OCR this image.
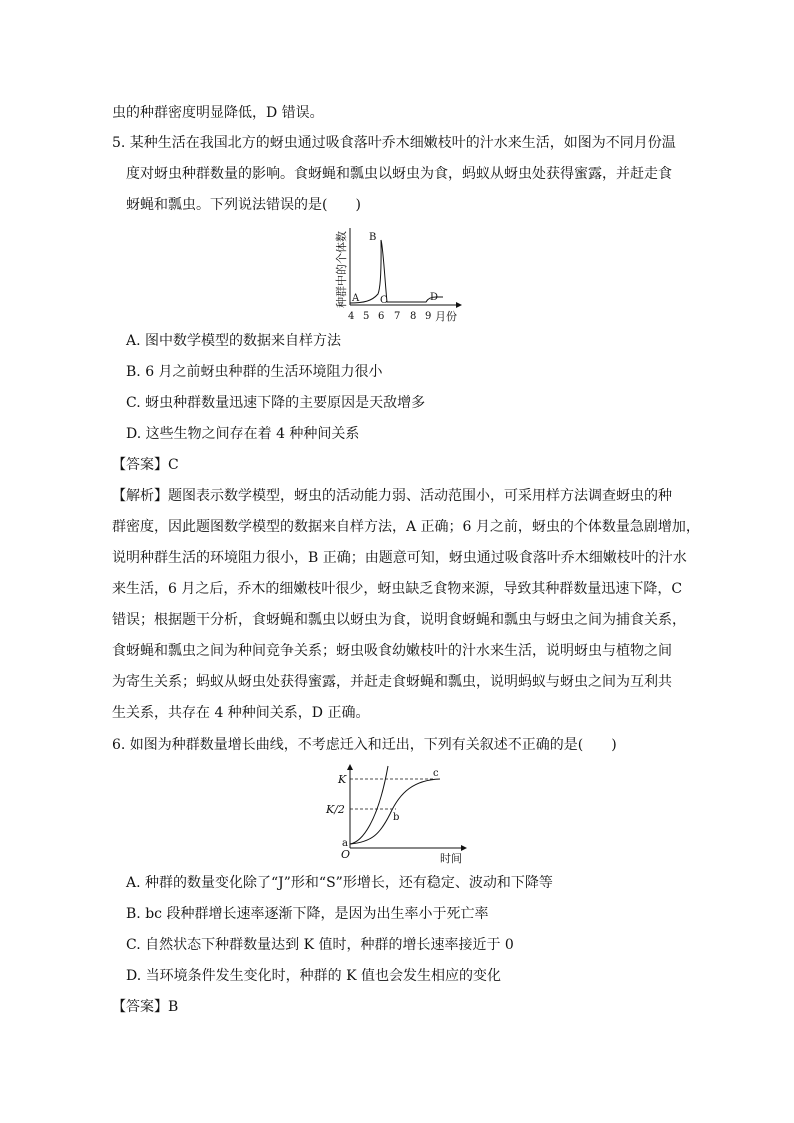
虫的种群密度明显降低，D 错误。
5. 某种生活在我国北方的蚜虫通过吸食落叶乔木细嫩枝叶的汁水来生活，如图为不同月份温
度对蚜虫种群数量的影响。食蚜蝇和瓢虫以蚜虫为食，蚂蚁从蚜虫处获得蜜露，并赶走食
蚜蝇和瓢虫。下列说法错误的是(　　)
种群中的个体数 A
B
C	D
4 5 6 7 8 9 月份
A. 图中数学模型的数据来自样方法
B. 6 月之前蚜虫种群的生活环境阻力很小
C. 蚜虫种群数量迅速下降的主要原因是天敌增多
D. 这些生物之间存在着 4 种种间关系
【答案】C
【解析】题图表示数学模型，蚜虫的活动能力弱、活动范围小，可采用样方法调查蚜虫的种
群密度，因此题图数学模型的数据来自样方法，A 正确；6 月之前，蚜虫的个体数量急剧增加，
说明种群生活的环境阻力很小，B 正确；由题意可知，蚜虫通过吸食落叶乔木细嫩枝叶的汁水
来生活，6 月之后，乔木的细嫩枝叶很少，蚜虫缺乏食物来源，导致其种群数量迅速下降，C
错误；根据题干分析，食蚜蝇和瓢虫以蚜虫为食，说明食蚜蝇和瓢虫与蚜虫之间为捕食关系，
食蚜蝇和瓢虫之间为种间竞争关系；蚜虫吸食幼嫩枝叶的汁水来生活，说明蚜虫与植物之间
为寄生关系；蚂蚁从蚜虫处获得蜜露，并赶走食蚜蝇和瓢虫，说明蚂蚁与蚜虫之间为互利共
生关系，共存在 4 种种间关系，D 正确。
6. 如图为种群数量增长曲线，不考虑迁入和迁出，下列有关叙述不正确的是(　　)
K
K/2
a
b
c
O	时间
A. 种群的数量变化除了“J”形和“S”形增长，还有稳定、波动和下降等
B. bc 段种群增长速率逐渐下降，是因为出生率小于死亡率
C. 自然状态下种群数量达到 K 值时，种群的增长速率接近于 0
D. 当环境条件发生变化时，种群的 K 值也会发生相应的变化
【答案】B
